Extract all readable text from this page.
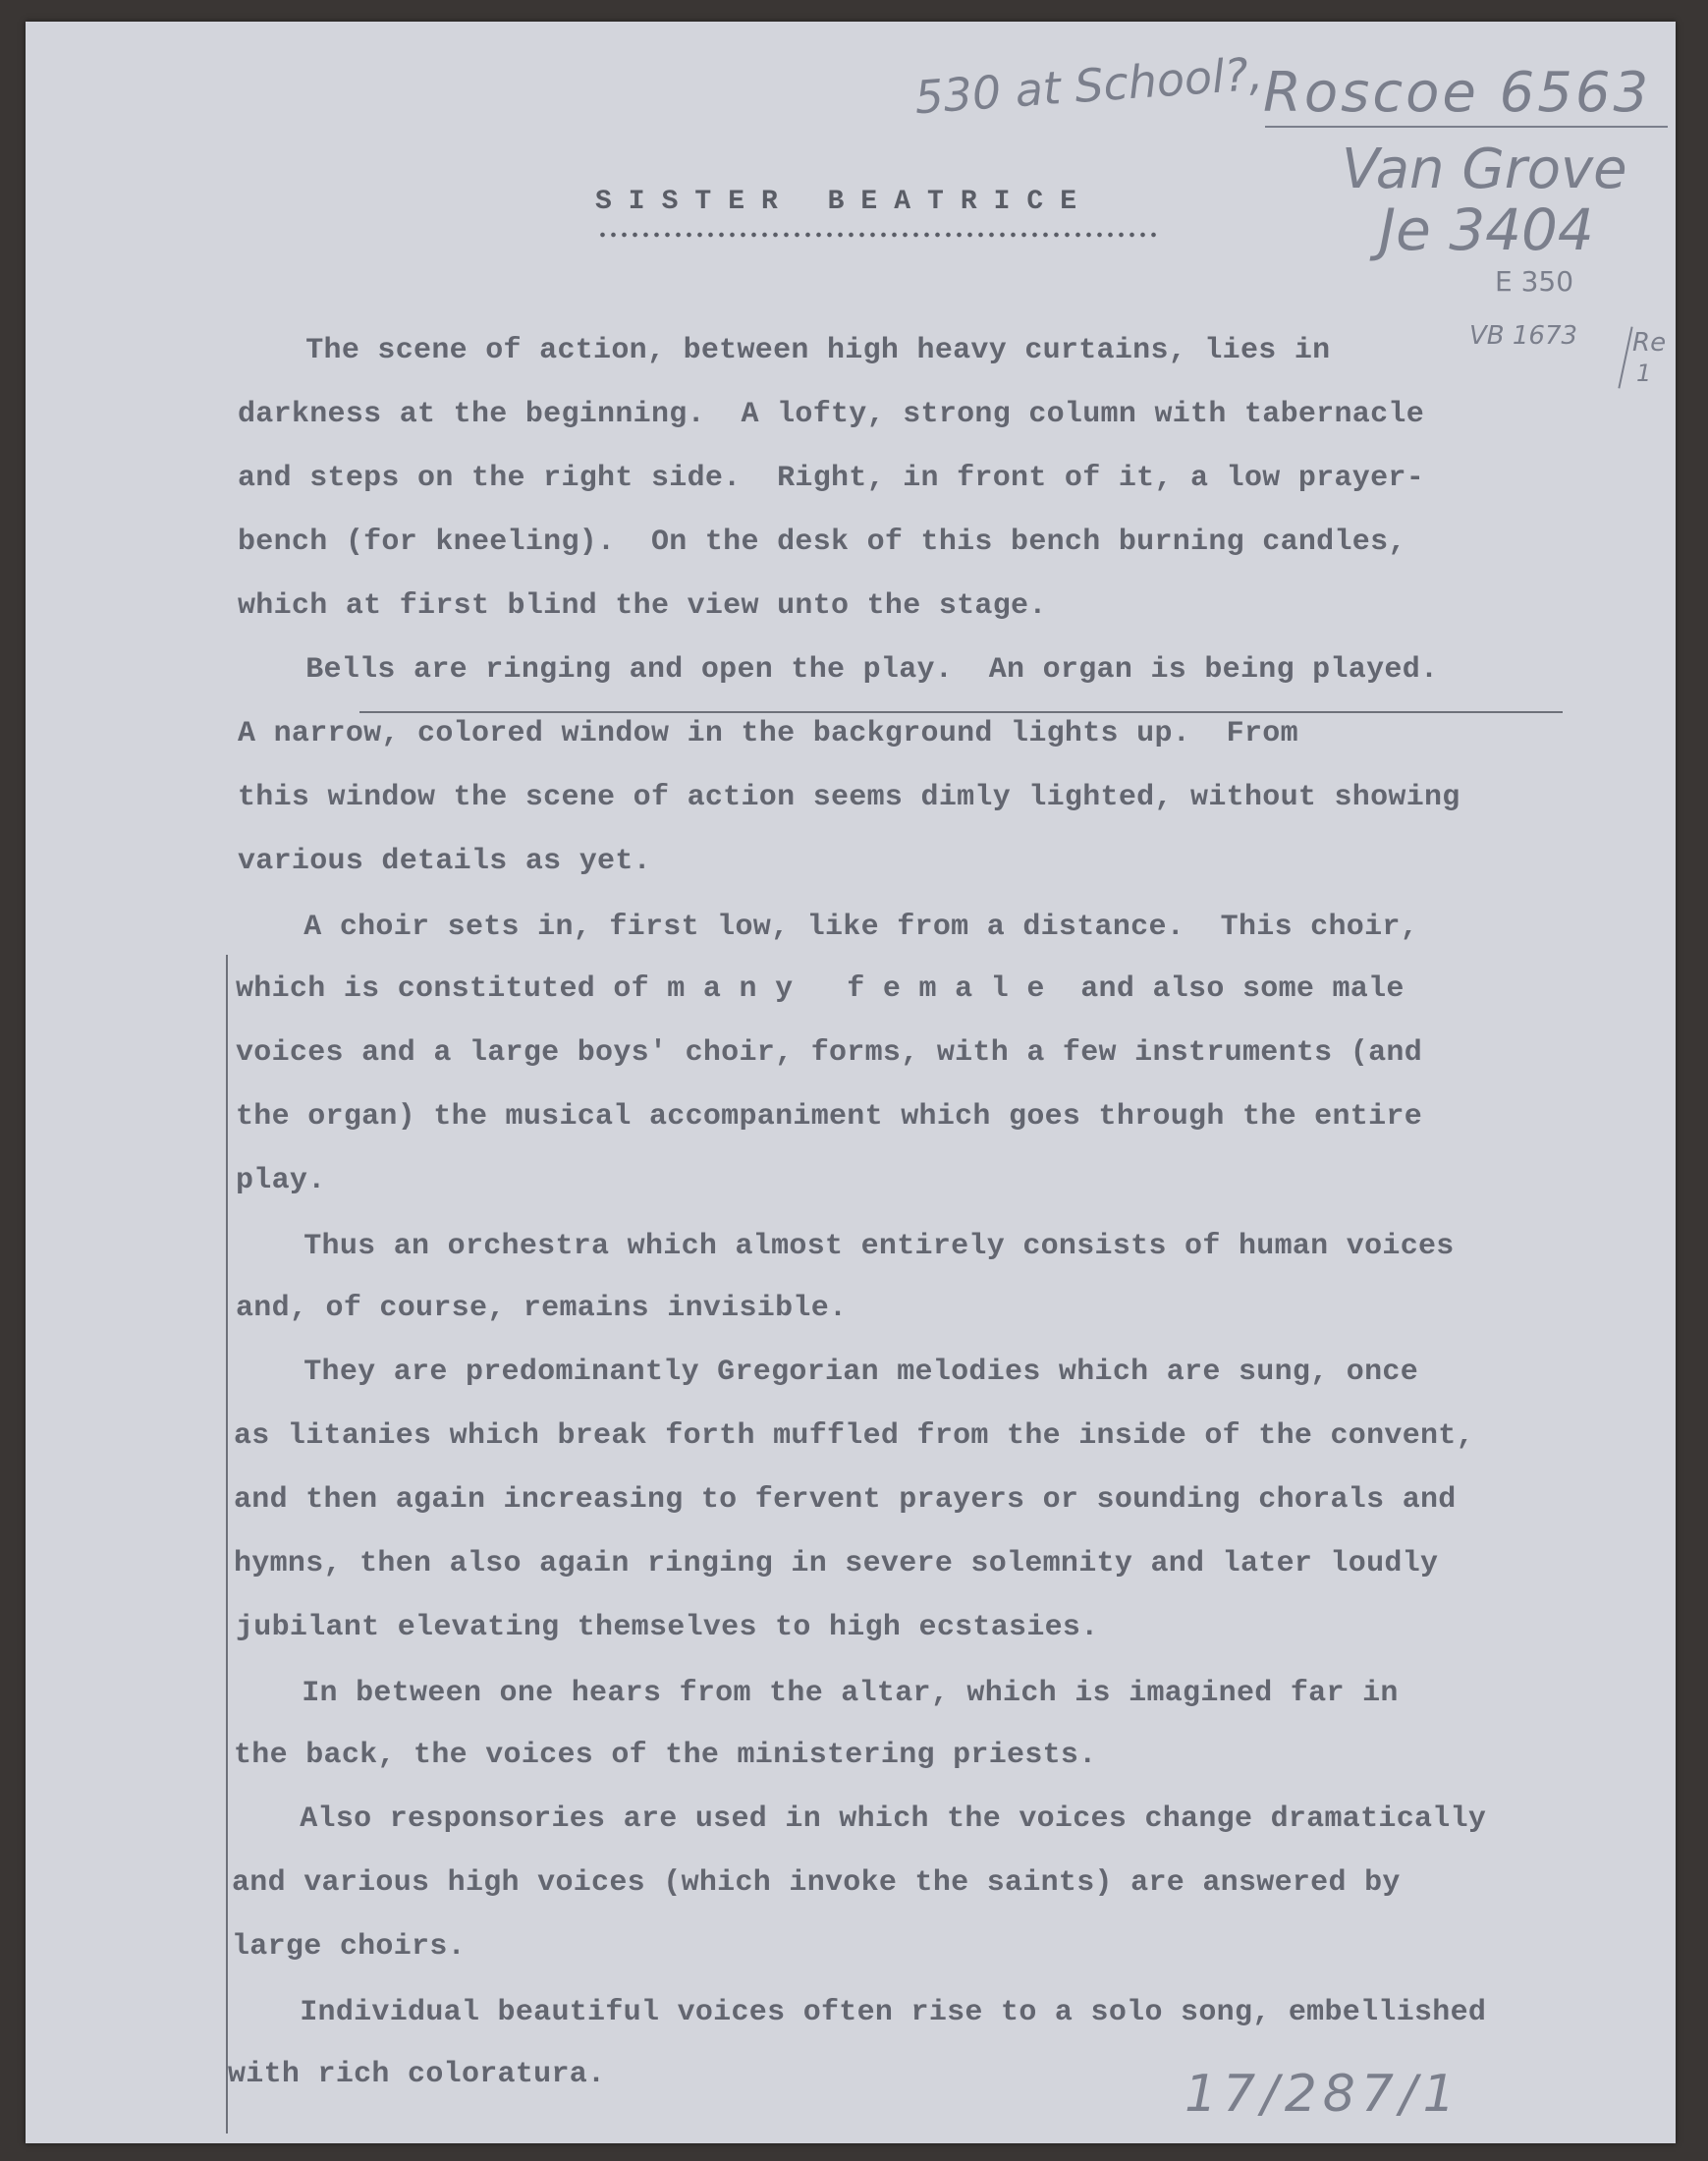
530 at School?,
Roscoe 6563
Van Grove
Je 3404
E 350
VB 1673 Re
1
SISTER BEATRICE
The scene of action, between high heavy curtains, lies in
darkness at the beginning.  A lofty, strong column with tabernacle
and steps on the right side.  Right, in front of it, a low prayer-
bench (for kneeling).  On the desk of this bench burning candles,
which at first blind the view unto the stage.
Bells are ringing and open the play.  An organ is being played.
A narrow, colored window in the background lights up.  From
this window the scene of action seems dimly lighted, without showing
various details as yet.
A choir sets in, first low, like from a distance.  This choir,
which is constituted of m a n y   f e m a l e  and also some male
voices and a large boys' choir, forms, with a few instruments (and
the organ) the musical accompaniment which goes through the entire
play.
Thus an orchestra which almost entirely consists of human voices
and, of course, remains invisible.
They are predominantly Gregorian melodies which are sung, once
as litanies which break forth muffled from the inside of the convent,
and then again increasing to fervent prayers or sounding chorals and
hymns, then also again ringing in severe solemnity and later loudly
jubilant elevating themselves to high ecstasies.
In between one hears from the altar, which is imagined far in
the back, the voices of the ministering priests.
Also responsories are used in which the voices change dramatically
and various high voices (which invoke the saints) are answered by
large choirs.
Individual beautiful voices often rise to a solo song, embellished
with rich coloratura.	17/287/1
